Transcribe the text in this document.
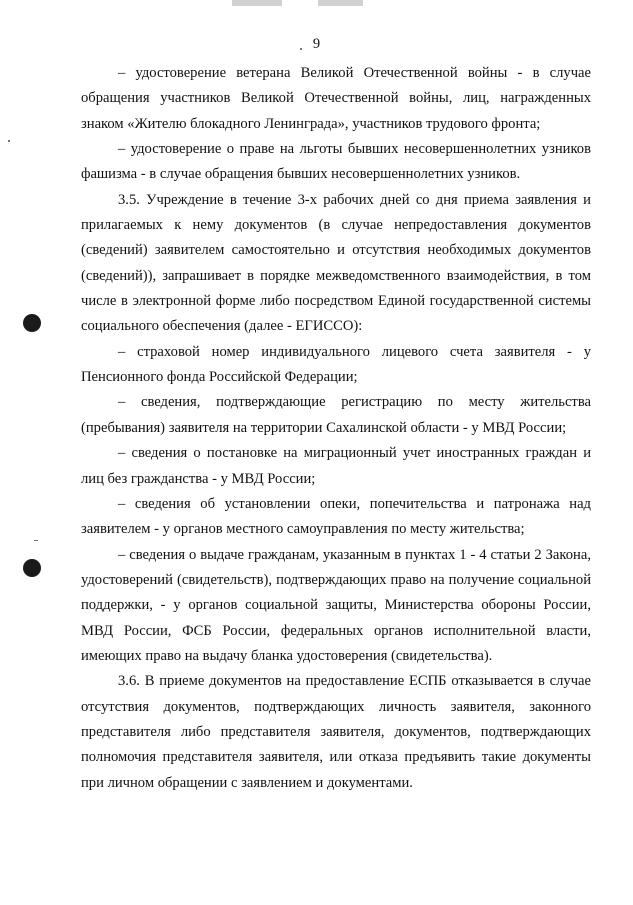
9

– удостоверение ветерана Великой Отечественной войны - в случае обращения участников Великой Отечественной войны, лиц, награжденных знаком «Жителю блокадного Ленинграда», участников трудового фронта;

– удостоверение о праве на льготы бывших несовершеннолетних узников фашизма - в случае обращения бывших несовершеннолетних узников.

3.5. Учреждение в течение 3-х рабочих дней со дня приема заявления и прилагаемых к нему документов (в случае непредоставления документов (сведений) заявителем самостоятельно и отсутствия необходимых документов (сведений)), запрашивает в порядке межведомственного взаимодействия, в том числе в электронной форме либо посредством Единой государственной системы социального обеспечения (далее - ЕГИССО):

– страховой номер индивидуального лицевого счета заявителя - у Пенсионного фонда Российской Федерации;

– сведения, подтверждающие регистрацию по месту жительства (пребывания) заявителя на территории Сахалинской области - у МВД России;

– сведения о постановке на миграционный учет иностранных граждан и лиц без гражданства - у МВД России;

– сведения об установлении опеки, попечительства и патронажа над заявителем - у органов местного самоуправления по месту жительства;

– сведения о выдаче гражданам, указанным в пунктах 1 - 4 статьи 2 Закона, удостоверений (свидетельств), подтверждающих право на получение социальной поддержки, - у органов социальной защиты, Министерства обороны России, МВД России, ФСБ России, федеральных органов исполнительной власти, имеющих право на выдачу бланка удостоверения (свидетельства).

3.6. В приеме документов на предоставление ЕСПБ отказывается в случае отсутствия документов, подтверждающих личность заявителя, законного представителя либо представителя заявителя, документов, подтверждающих полномочия представителя заявителя, или отказа предъявить такие документы при личном обращении с заявлением и документами.
